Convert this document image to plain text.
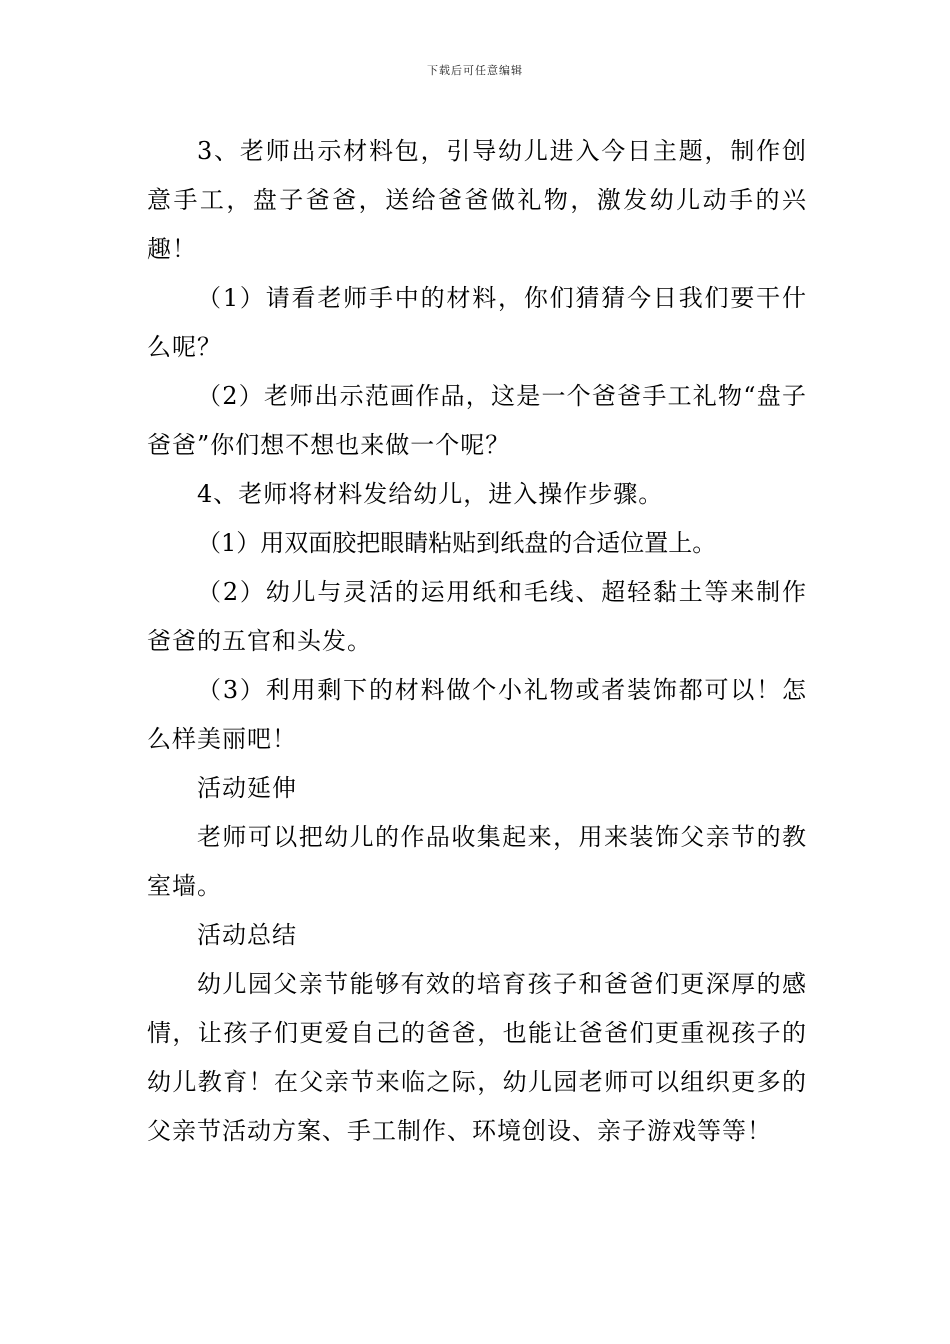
下载后可任意编辑

3、老师出示材料包，引导幼儿进入今日主题，制作创意手工，盘子爸爸，送给爸爸做礼物，激发幼儿动手的兴趣！

（1）请看老师手中的材料，你们猜猜今日我们要干什么呢？

（2）老师出示范画作品，这是一个爸爸手工礼物“盘子爸爸”你们想不想也来做一个呢？

4、老师将材料发给幼儿，进入操作步骤。

（1）用双面胶把眼睛粘贴到纸盘的合适位置上。

（2）幼儿与灵活的运用纸和毛线、超轻黏土等来制作爸爸的五官和头发。

（3）利用剩下的材料做个小礼物或者装饰都可以！怎么样美丽吧！

活动延伸

老师可以把幼儿的作品收集起来，用来装饰父亲节的教室墙。

活动总结

幼儿园父亲节能够有效的培育孩子和爸爸们更深厚的感情，让孩子们更爱自己的爸爸，也能让爸爸们更重视孩子的幼儿教育！在父亲节来临之际，幼儿园老师可以组织更多的父亲节活动方案、手工制作、环境创设、亲子游戏等等！
